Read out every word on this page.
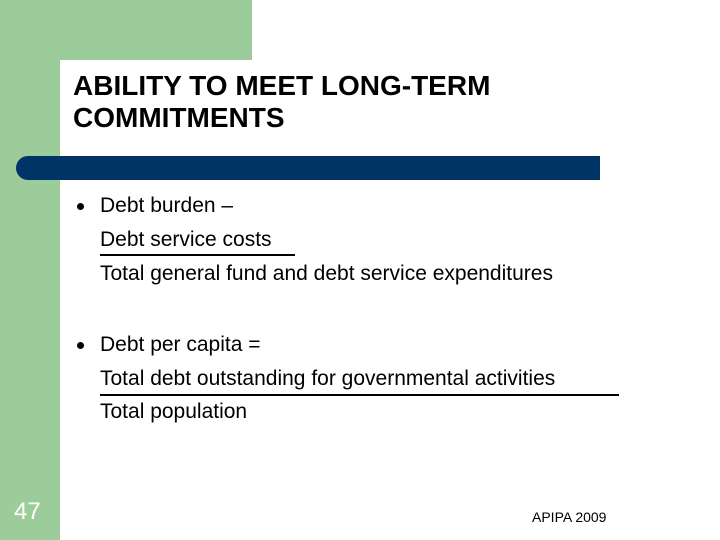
ABILITY TO MEET LONG-TERM
COMMITMENTS
Debt burden –
Debt service costs
Total general fund and debt service expenditures
Debt per capita =
Total debt outstanding for governmental activities
Total population
47	APIPA 2009
